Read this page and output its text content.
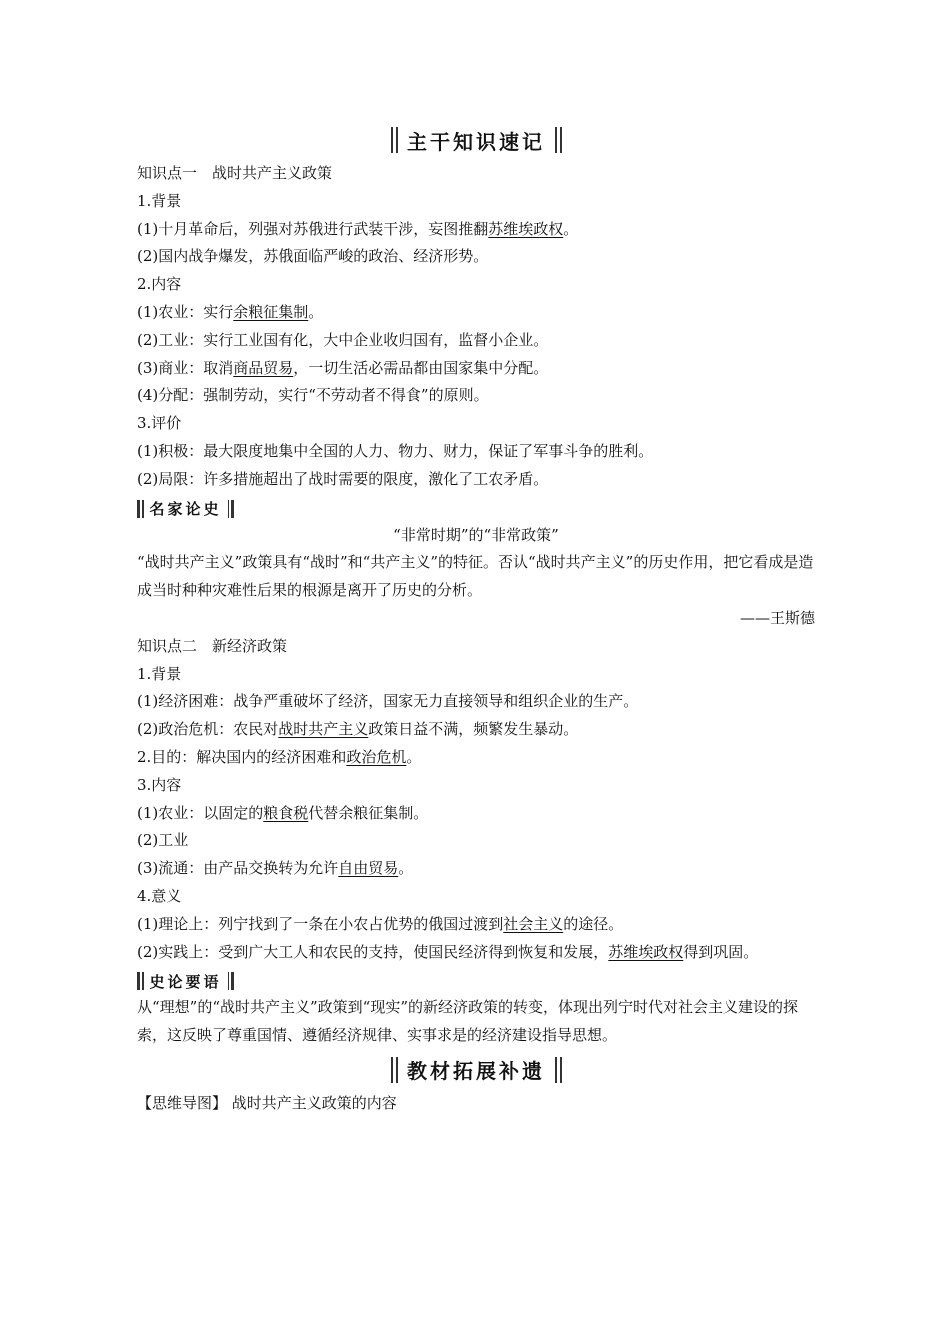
主干知识速记
知识点一　战时共产主义政策
1.背景
(1)十月革命后，列强对苏俄进行武装干涉，妄图推翻苏维埃政权。
(2)国内战争爆发，苏俄面临严峻的政治、经济形势。
2.内容
(1)农业：实行余粮征集制。
(2)工业：实行工业国有化，大中企业收归国有，监督小企业。
(3)商业：取消商品贸易，一切生活必需品都由国家集中分配。
(4)分配：强制劳动，实行“不劳动者不得食”的原则。
3.评价
(1)积极：最大限度地集中全国的人力、物力、财力，保证了军事斗争的胜利。
(2)局限：许多措施超出了战时需要的限度，激化了工农矛盾。
名家论史
“非常时期”的“非常政策”
“战时共产主义”政策具有“战时”和“共产主义”的特征。否认“战时共产主义”的历史作用，把它看成是造成当时种种灾难性后果的根源是离开了历史的分析。
——王斯德
知识点二　新经济政策
1.背景
(1)经济困难：战争严重破坏了经济，国家无力直接领导和组织企业的生产。
(2)政治危机：农民对战时共产主义政策日益不满，频繁发生暴动。
2.目的：解决国内的经济困难和政治危机。
3.内容
(1)农业：以固定的粮食税代替余粮征集制。
(2)工业
(3)流通：由产品交换转为允许自由贸易。
4.意义
(1)理论上：列宁找到了一条在小农占优势的俄国过渡到社会主义的途径。
(2)实践上：受到广大工人和农民的支持，使国民经济得到恢复和发展，苏维埃政权得到巩固。
史论要语
从“理想”的“战时共产主义”政策到“现实”的新经济政策的转变，体现出列宁时代对社会主义建设的探索，这反映了尊重国情、遵循经济规律、实事求是的经济建设指导思想。
教材拓展补遗
【思维导图】 战时共产主义政策的内容
